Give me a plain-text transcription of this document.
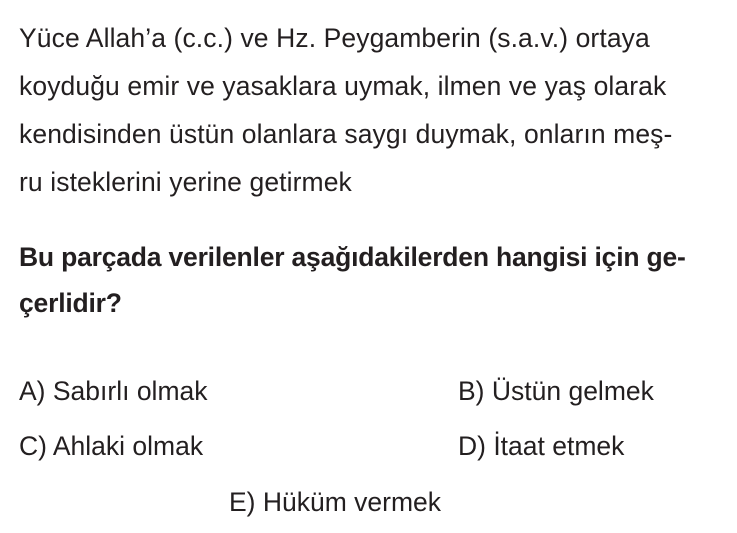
Yüce Allah’a (c.c.) ve Hz. Peygamberin (s.a.v.) ortaya
koyduğu emir ve yasaklara uymak, ilmen ve yaş olarak
kendisinden üstün olanlara saygı duymak, onların meş-
ru isteklerini yerine getirmek
Bu parçada verilenler aşağıdakilerden hangisi için ge-
çerlidir?
A) Sabırlı olmak	B) Üstün gelmek
C) Ahlaki olmak	D) İtaat etmek
E) Hüküm vermek
